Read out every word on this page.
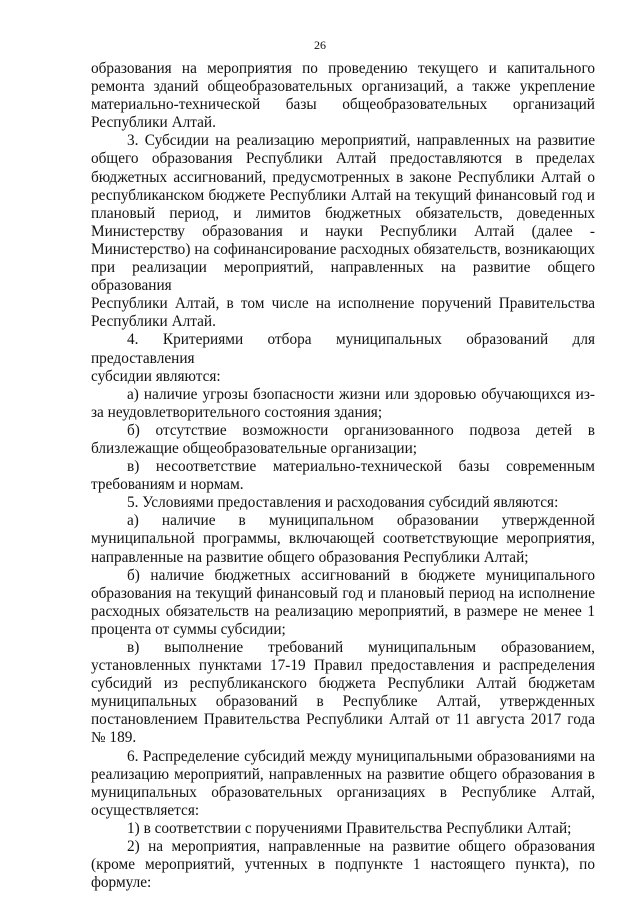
26

образования на мероприятия по проведению текущего и капитального
ремонта зданий общеобразовательных организаций, а также укрепление
материально-технической базы общеобразовательных организаций
Республики Алтай.

3. Субсидии на реализацию мероприятий, направленных на развитие
общего образования Республики Алтай предоставляются в пределах
бюджетных ассигнований, предусмотренных в законе Республики Алтай о
республиканском бюджете Республики Алтай на текущий финансовый год и
плановый период, и лимитов бюджетных обязательств, доведенных
Министерству образования и науки Республики Алтай (далее -
Министерство) на софинансирование расходных обязательств, возникающих
при реализации мероприятий, направленных на развитие общего образования
Республики Алтай, в том числе на исполнение поручений Правительства
Республики Алтай.

4. Критериями отбора муниципальных образований для предоставления
субсидии являются:

а) наличие угрозы бзопасности жизни или здоровью обучающихся из-
за неудовлетворительного состояния здания;

б) отсутствие возможности организованного подвоза детей в
близлежащие общеобразовательные организации;

в) несоответствие материально-технической базы современным
требованиям и нормам.

5. Условиями предоставления и расходования субсидий являются:

а) наличие в муниципальном образовании утвержденной
муниципальной программы, включающей соответствующие мероприятия,
направленные на развитие общего образования Республики Алтай;

б) наличие бюджетных ассигнований в бюджете муниципального
образования на текущий финансовый год и плановый период на исполнение
расходных обязательств на реализацию мероприятий, в размере не менее 1
процента от суммы субсидии;

в) выполнение требований муниципальным образованием,
установленных пунктами 17-19 Правил предоставления и распределения
субсидий из республиканского бюджета Республики Алтай бюджетам
муниципальных образований в Республике Алтай, утвержденных
постановлением Правительства Республики Алтай от 11 августа 2017 года
№ 189.

6. Распределение субсидий между муниципальными образованиями на
реализацию мероприятий, направленных на развитие общего образования в
муниципальных образовательных организациях в Республике Алтай,
осуществляется:

1) в соответствии с поручениями Правительства Республики Алтай;

2) на мероприятия, направленные на развитие общего образования
(кроме мероприятий, учтенных в подпункте 1 настоящего пункта), по
формуле:
